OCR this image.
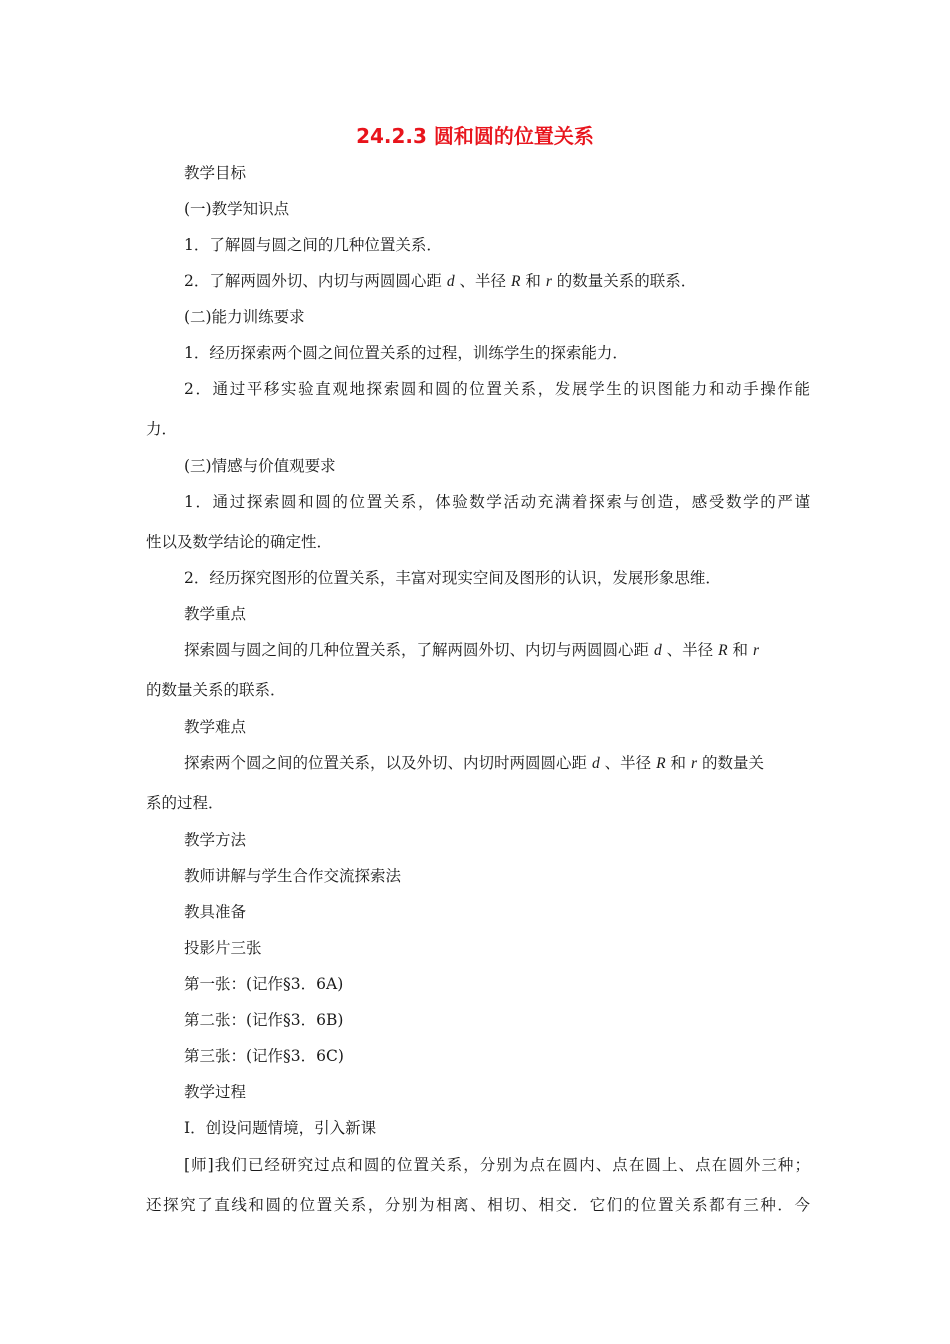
24.2.3 圆和圆的位置关系

教学目标

(一)教学知识点

1．了解圆与圆之间的几种位置关系．

2．了解两圆外切、内切与两圆圆心距 d 、半径 R 和 r 的数量关系的联系．

(二)能力训练要求

1．经历探索两个圆之间位置关系的过程，训练学生的探索能力．

2．通过平移实验直观地探索圆和圆的位置关系，发展学生的识图能力和动手操作能

力．

(三)情感与价值观要求

1．通过探索圆和圆的位置关系，体验数学活动充满着探索与创造，感受数学的严谨

性以及数学结论的确定性．

2．经历探究图形的位置关系，丰富对现实空间及图形的认识，发展形象思维．

教学重点

探索圆与圆之间的几种位置关系，了解两圆外切、内切与两圆圆心距 d 、半径 R 和 r

的数量关系的联系．

教学难点

探索两个圆之间的位置关系，以及外切、内切时两圆圆心距 d 、半径 R 和 r 的数量关

系的过程．

教学方法

教师讲解与学生合作交流探索法

教具准备

投影片三张

第一张：(记作§3．6A)

第二张：(记作§3．6B)

第三张：(记作§3．6C)

教学过程

Ⅰ．创设问题情境，引入新课

[师]我们已经研究过点和圆的位置关系，分别为点在圆内、点在圆上、点在圆外三种；

还探究了直线和圆的位置关系，分别为相离、相切、相交．它们的位置关系都有三种．今
